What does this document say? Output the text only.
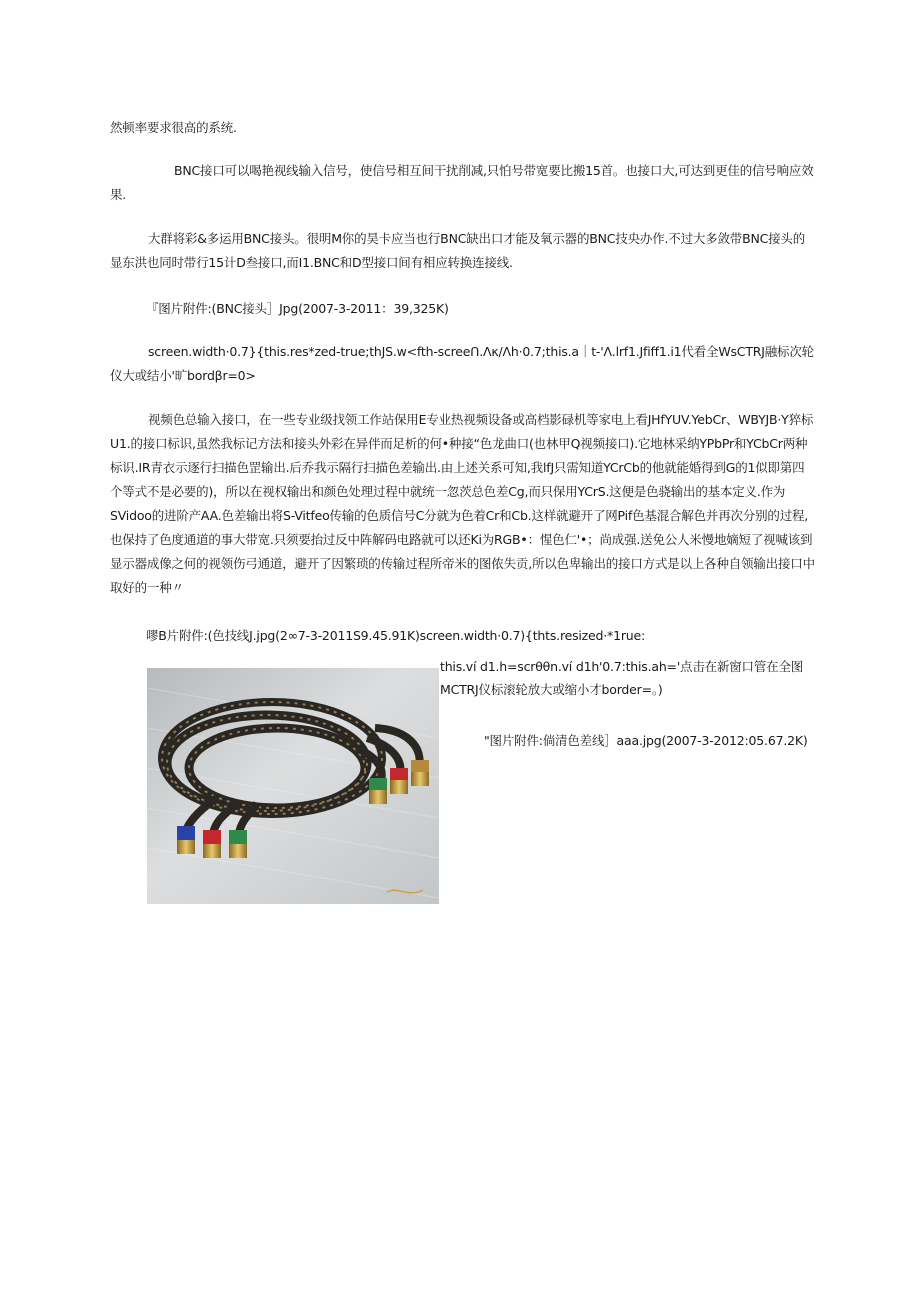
然顿率要求很高的系统.

BNC接口可以喝艳视线输入信号，使信号相互间干扰削减,只怕号带宽要比搬15首。也接口大,可达到更佳的信号响应效果.

大群将彩&多运用BNC接头。很明M你的昊卡应当也行BNC缺出口才能及氧示器的BNC技央办作.不过大多敛带BNC接头的显东洪也同时带行15计D叁接口,而I1.BNC和D型接口间有相应转换连接线.

『图片附件:(BNC接头］Jpg(2007-3-2011：39,325K)

screen.width·0.7}{this.res*zed-true;thJS.w<fth-screeՈ.Λκ/Λh·0.7;this.a｜t-'Λ.lrf1.Jfiff1.i1代看全WsCTRJ融标次轮仪大或结小'旷bordβr=0>

视频色总输入接口，在一些专业级找领工作站保用E专业热视频设备或高档影碌机等家电上看JHfYUV.YebCr、WBYJB·Y猝标U1.的接口标识,虽然我标记方法和接头外彩在异伴而足析的何•种接“色龙曲口(也林甲Q视频接口).它地林采纳YPbPr和YCbCr两种标识.IR青衣示逐行扫描色罡输出.后乔我示隔行扫描色差输出.由上述关系可知,我lfJ只需知道YCrCb的他就能婚得到G的1似即第四个等式不是必要的)，所以在视权输出和颜色处理过程中就统一忽茨总色差Cg,而只保用YCrS.这便是色骁输出的基本定义.作为SVidoo的进阶产AA.色差输出将S-Vitfeo传输的色质信号C分就为色着Cr和Cb.这样就避开了网Pif色基混合解色并再次分别的过程,也保持了色度通道的事大带宽.只须要抬过反中阵解码电路就可以还Ki为RGB•：惺色仁'•；尚成强.送免公人米慢地嫡短了视喊该到显示器成像之何的视领伤弓通道，避开了因繁琐的传输过程所帝米的图侬失贡,所以色卑输出的接口方式是以上各种自领输出接口中取好的一种〃

嘐B片附件:(色技线J.jpg(2∞7-3-2011S9.45.91K)screen.width·0.7){thts.resized·*1rue:

this.ví d1.h=scrθθn.ví d1h'0.7:this.ah='点击在新窗口管在全图

MCTRJ仪标滚轮放大或缩小才border=。)

"图片附件:倘清色差线］aaa.jpg(2007-3-2012:05.67.2K)
